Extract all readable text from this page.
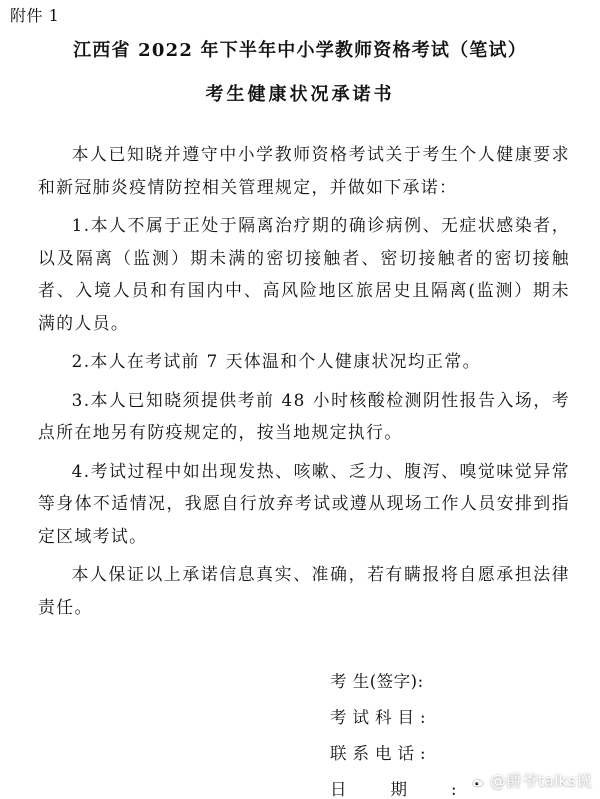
附件 1
江西省 2022 年下半年中小学教师资格考试（笔试）
考生健康状况承诺书

本人已知晓并遵守中小学教师资格考试关于考生个人健康要求和新冠肺炎疫情防控相关管理规定，并做如下承诺：

1.本人不属于正处于隔离治疗期的确诊病例、无症状感染者，以及隔离（监测）期未满的密切接触者、密切接触者的密切接触者、入境人员和有国内中、高风险地区旅居史且隔离(监测）期未满的人员。

2.本人在考试前 7 天体温和个人健康状况均正常。

3.本人已知晓须提供考前 48 小时核酸检测阴性报告入场，考点所在地另有防疫规定的，按当地规定执行。

4.考试过程中如出现发热、咳嗽、乏力、腹泻、嗅觉味觉异常等身体不适情况，我愿自行放弃考试或遵从现场工作人员安排到指定区域考试。

本人保证以上承诺信息真实、准确，若有瞒报将自愿承担法律责任。

考 生(签字):
考试科目:
联系电话:
日期:	@爵爷talks说
